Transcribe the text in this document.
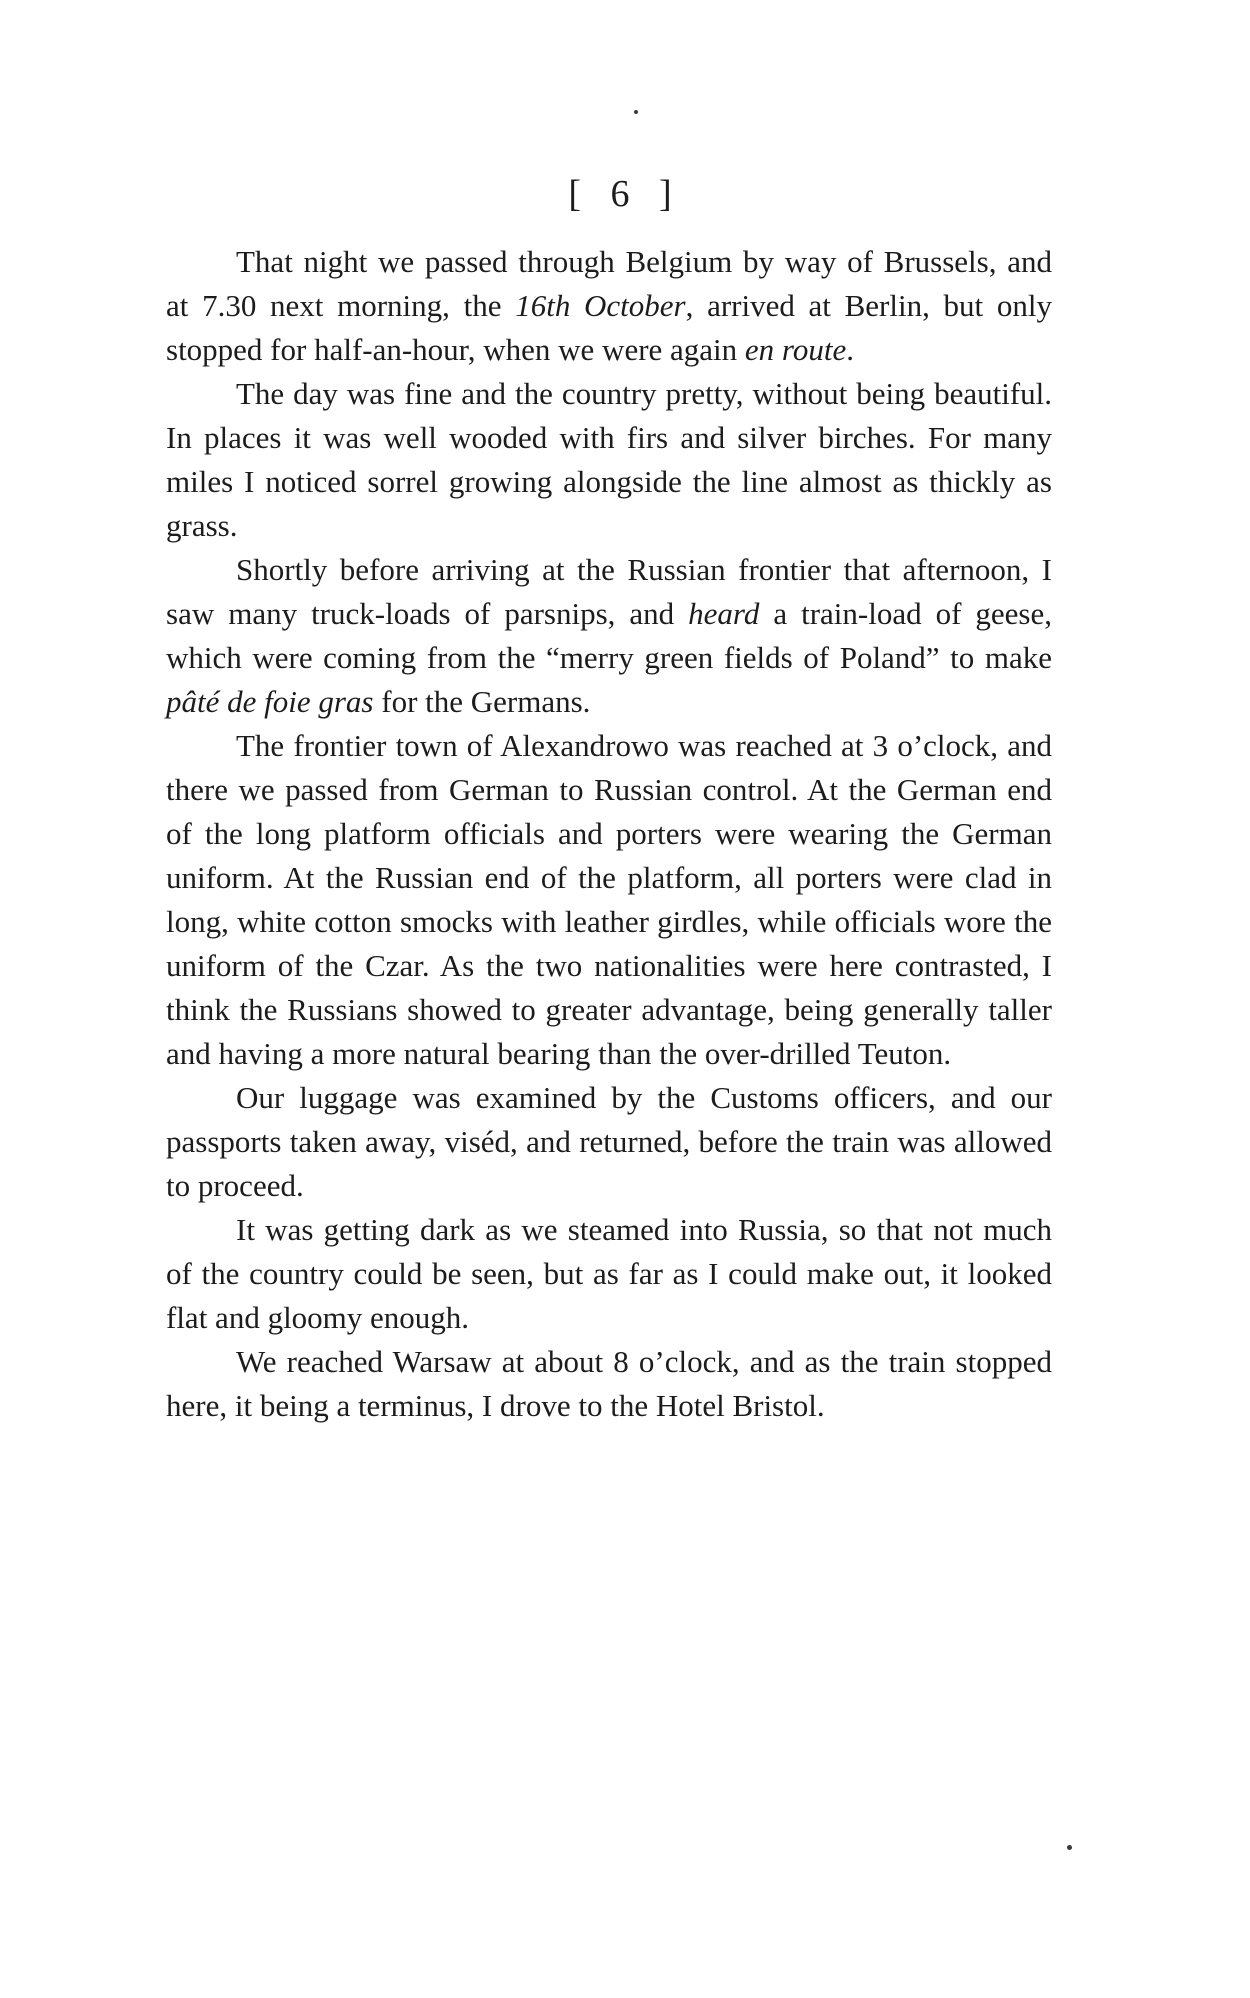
[ 6 ]

That night we passed through Belgium by way of Brussels, and at 7.30 next morning, the 16th October, arrived at Berlin, but only stopped for half-an-hour, when we were again en route.

The day was fine and the country pretty, without being beautiful. In places it was well wooded with firs and silver birches. For many miles I noticed sorrel growing alongside the line almost as thickly as grass.

Shortly before arriving at the Russian frontier that afternoon, I saw many truck-loads of parsnips, and heard a train-load of geese, which were coming from the “merry green fields of Poland” to make pâté de foie gras for the Germans.

The frontier town of Alexandrowo was reached at 3 o’clock, and there we passed from German to Russian control. At the German end of the long platform officials and porters were wearing the German uniform. At the Russian end of the platform, all porters were clad in long, white cotton smocks with leather girdles, while officials wore the uniform of the Czar. As the two nationalities were here contrasted, I think the Russians showed to greater advantage, being generally taller and having a more natural bearing than the over-drilled Teuton.

Our luggage was examined by the Customs officers, and our passports taken away, viséd, and returned, before the train was allowed to proceed.

It was getting dark as we steamed into Russia, so that not much of the country could be seen, but as far as I could make out, it looked flat and gloomy enough.

We reached Warsaw at about 8 o’clock, and as the train stopped here, it being a terminus, I drove to the Hotel Bristol.
